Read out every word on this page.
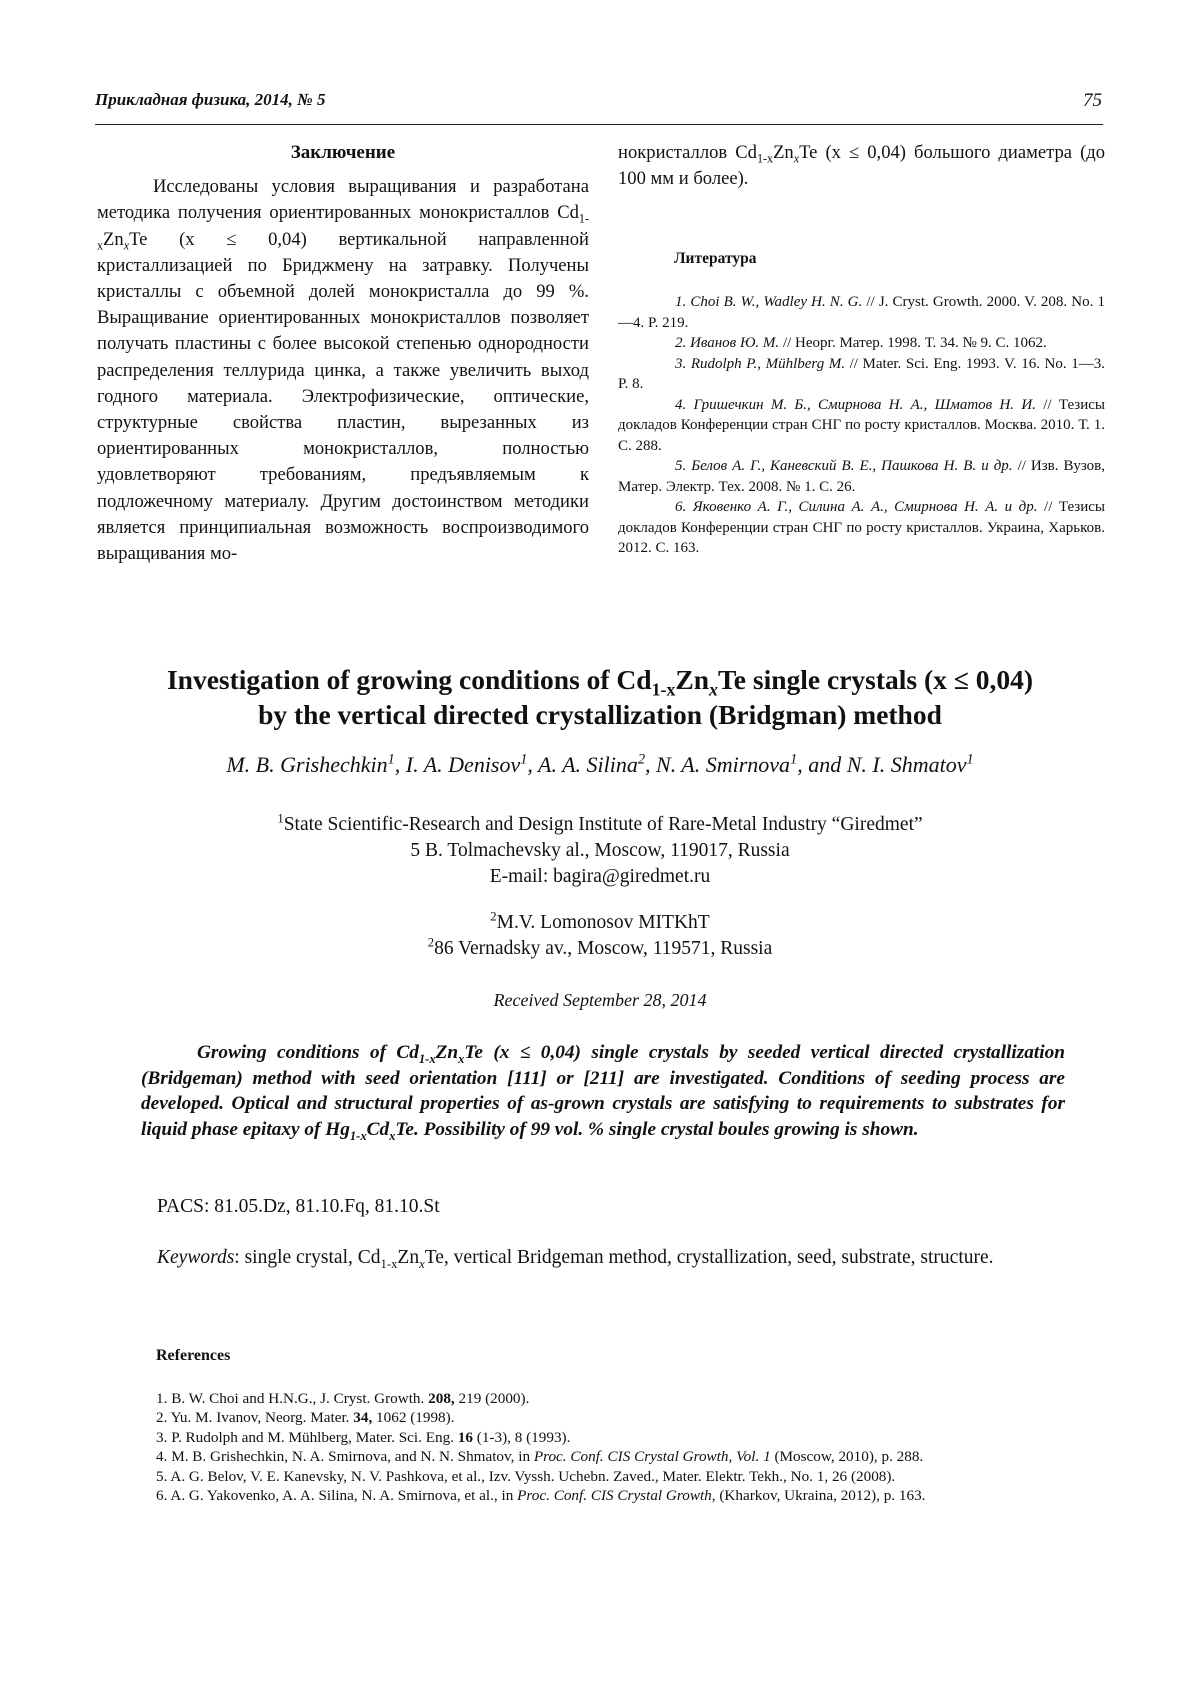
Прикладная физика, 2014, № 5	75
Заключение

Исследованы условия выращивания и разработана методика получения ориентированных монокристаллов $Cd_{1-x}Zn_xTe$ (x ≤ 0,04) вертикальной направленной кристаллизацией по Бриджмену на затравку. Получены кристаллы с объемной долей монокристалла до 99 %. Выращивание ориентированных монокристаллов позволяет получать пластины с более высокой степенью однородности распределения теллурида цинка, а также увеличить выход годного материала. Электрофизические, оптические, структурные свойства пластин, вырезанных из ориентированных монокристаллов, полностью удовлетворяют требованиям, предъявляемым к подложечному материалу. Другим достоинством методики является принципиальная возможность воспроизводимого выращивания мо-

нокристаллов $Cd_{1-x}Zn_xTe$ (x ≤ 0,04) большого диаметра (до 100 мм и более).

Литература

1. Choi B. W., Wadley H. N. G. // J. Cryst. Growth. 2000. V. 208. No. 1—4. P. 219.

2. Иванов Ю. М. // Неорг. Матер. 1998. Т. 34. № 9. С. 1062.

3. Rudolph P., Mühlberg M. // Mater. Sci. Eng. 1993. V. 16. No. 1—3. P. 8.

4. Гришечкин М. Б., Смирнова Н. А., Шматов Н. И. // Тезисы докладов Конференции стран СНГ по росту кристаллов. Москва. 2010. Т. 1. С. 288.

5. Белов А. Г., Каневский В. Е., Пашкова Н. В. и др. // Изв. Вузов, Матер. Электр. Тех. 2008. № 1. С. 26.

6. Яковенко А. Г., Силина А. А., Смирнова Н. А. и др. // Тезисы докладов Конференции стран СНГ по росту кристаллов. Украина, Харьков. 2012. С. 163.

Investigation of growing conditions of $Cd_{1-x}Zn_xTe$ single crystals (x ≤ 0,04)
by the vertical directed crystallization (Bridgman) method
M. B. Grishechkin$^1$, I. A. Denisov$^1$, A. A. Silina$^2$, N. A. Smirnova$^1$, and N. I. Shmatov$^1$
$^1$State Scientific-Research and Design Institute of Rare-Metal Industry “Giredmet”
5 B. Tolmachevsky al., Moscow, 119017, Russia
E-mail: bagira@giredmet.ru
$^2$M.V. Lomonosov MITKhT
$^2$86 Vernadsky av., Moscow, 119571, Russia
Received September 28, 2014
Growing conditions of $Cd_{1-x}Zn_xTe$ (x ≤ 0,04) single crystals by seeded vertical directed crystallization (Bridgeman) method with seed orientation [111] or [211] are investigated. Conditions of seeding process are developed. Optical and structural properties of as-grown crystals are satisfying to requirements to substrates for liquid phase epitaxy of $Hg_{1-x}Cd_xTe$. Possibility of 99 vol. % single crystal boules growing is shown.
PACS: 81.05.Dz, 81.10.Fq, 81.10.St
Keywords: single crystal, $Cd_{1-x}Zn_xTe$, vertical Bridgeman method, crystallization, seed, substrate, structure.
References
1. B. W. Choi and H.N.G., J. Cryst. Growth. 208, 219 (2000).
2. Yu. M. Ivanov, Neorg. Mater. 34, 1062 (1998).
3. P. Rudolph and M. Mühlberg, Mater. Sci. Eng. 16 (1-3), 8 (1993).
4. M. B. Grishechkin, N. A. Smirnova, and N. N. Shmatov, in Proc. Conf. CIS Crystal Growth, Vol. 1 (Moscow, 2010), p. 288.
5. A. G. Belov, V. E. Kanevsky, N. V. Pashkova, et al., Izv. Vyssh. Uchebn. Zaved., Mater. Elektr. Tekh., No. 1, 26 (2008).
6. A. G. Yakovenko, A. A. Silina, N. A. Smirnova, et al., in Proc. Conf. CIS Crystal Growth, (Kharkov, Ukraina, 2012), p. 163.
